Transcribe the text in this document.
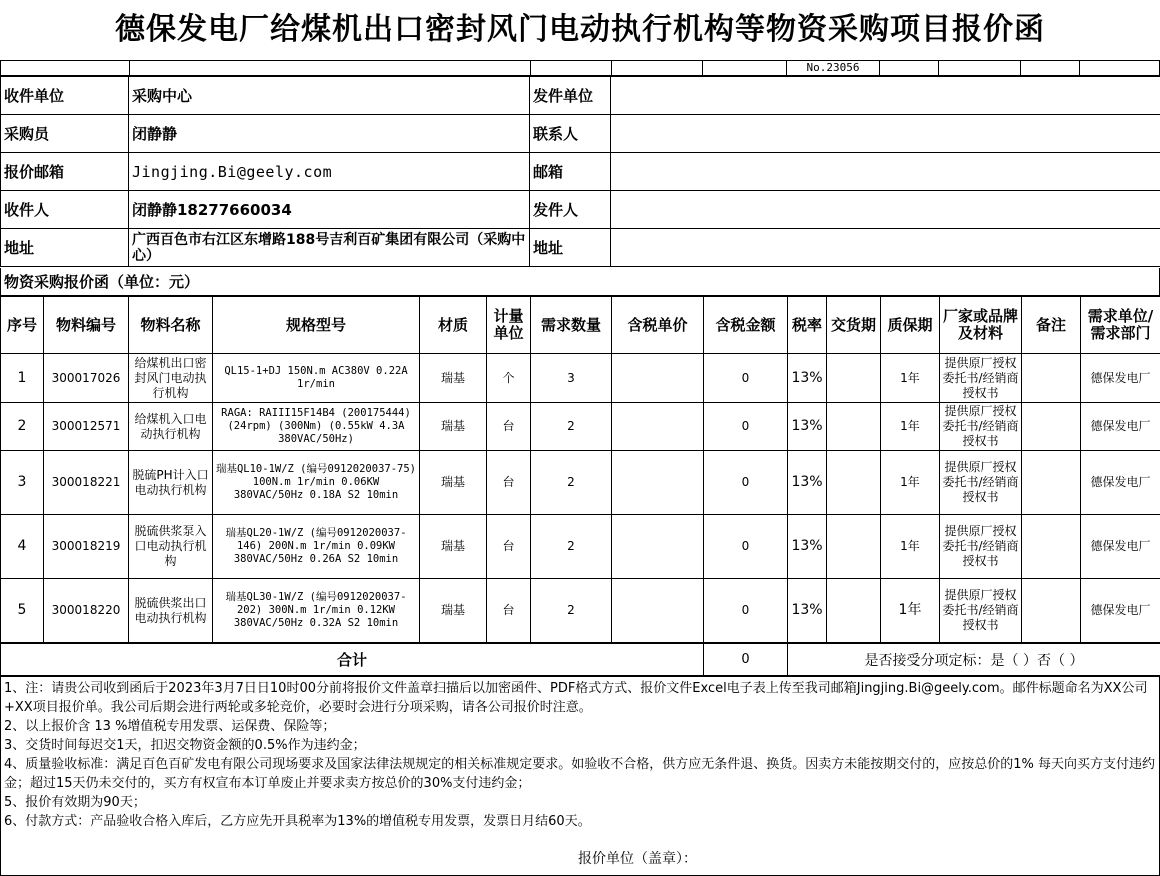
德保发电厂给煤机出口密封风门电动执行机构等物资采购项目报价函
No.23056
收件单位	采购中心	发件单位	
采购员	闭静静	联系人	
报价邮箱	Jingjing.Bi@geely.com	邮箱	
收件人	闭静静18277660034	发件人	
地址	广西百色市右江区东增路188号吉利百矿集团有限公司（采购中心）	地址	
物资采购报价函（单位：元）
序号	物料编号	物料名称	规格型号	材质	计量单位	需求数量	含税单价	含税金额	税率	交货期	质保期	厂家或品牌及材料	备注	需求单位/需求部门
1	300017026	给煤机出口密封风门电动执行机构	QL15-1+DJ 150N.m AC380V 0.22A 1r/min	瑞基	个	3		0	13%		1年	提供原厂授权委托书/经销商授权书		德保发电厂
2	300012571	给煤机入口电动执行机构	RAGA: RAIII15F14B4 (200175444) (24rpm) (300Nm) (0.55kW 4.3A 380VAC/50Hz)	瑞基	台	2		0	13%		1年	提供原厂授权委托书/经销商授权书		德保发电厂
3	300018221	脱硫PH计入口电动执行机构	瑞基QL10-1W/Z (编号0912020037-75) 100N.m 1r/min 0.06KW 380VAC/50Hz 0.18A S2 10min	瑞基	台	2		0	13%		1年	提供原厂授权委托书/经销商授权书		德保发电厂
4	300018219	脱硫供浆泵入口电动执行机构	瑞基QL20-1W/Z (编号0912020037-146) 200N.m 1r/min 0.09KW 380VAC/50Hz 0.26A S2 10min	瑞基	台	2		0	13%		1年	提供原厂授权委托书/经销商授权书		德保发电厂
5	300018220	脱硫供浆出口电动执行机构	瑞基QL30-1W/Z (编号0912020037-202) 300N.m 1r/min 0.12KW 380VAC/50Hz 0.32A S2 10min	瑞基	台	2		0	13%		1年	提供原厂授权委托书/经销商授权书		德保发电厂
合计	0	是否接受分项定标：是（ ）否（ ）

1、注：请贵公司收到函后于2023年3月7日日10时00分前将报价文件盖章扫描后以加密函件、PDF格式方式、报价文件Excel电子表上传至我司邮箱Jingjing.Bi@geely.com。邮件标题命名为XX公司+XX项目报价单。我公司后期会进行两轮或多轮竞价，必要时会进行分项采购，请各公司报价时注意。

2、以上报价含 13 %增值税专用发票、运保费、保险等；

3、交货时间每迟交1天，扣迟交物资金额的0.5%作为违约金；

4、质量验收标准：满足百色百矿发电有限公司现场要求及国家法律法规规定的相关标准规定要求。如验收不合格，供方应无条件退、换货。因卖方未能按期交付的，应按总价的1% 每天向买方支付违约金；超过15天仍未交付的，买方有权宣布本订单废止并要求卖方按总价的30%支付违约金；

5、报价有效期为90天；

6、付款方式：产品验收合格入库后，乙方应先开具税率为13%的增值税专用发票，发票日月结60天。

报价单位（盖章）：
